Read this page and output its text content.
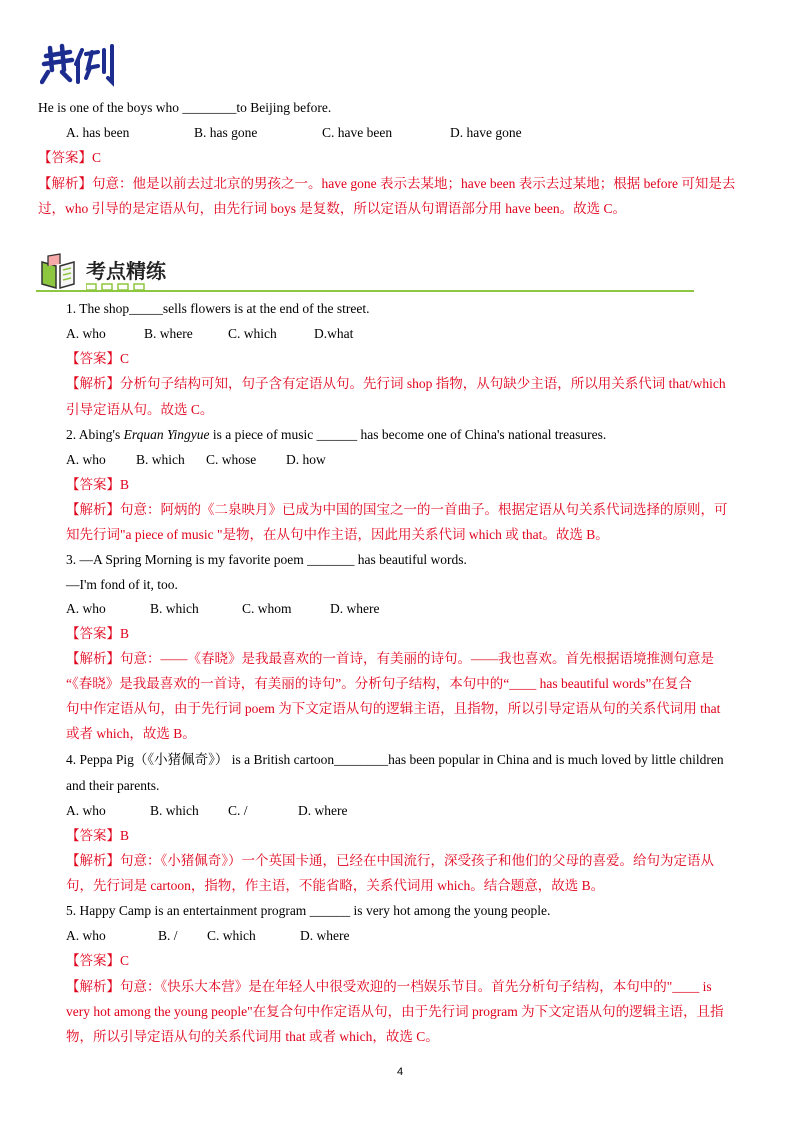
He is one of the boys who ________to Beijing before.
A. has been	B. has gone	C. have been	D. have gone
【答案】C
【解析】句意：他是以前去过北京的男孩之一。have gone 表示去某地；have been 表示去过某地；根据 before 可知是去
过，who 引导的是定语从句，由先行词 boys 是复数，所以定语从句谓语部分用 have been。故选 C。
考点精练
1. The shop_____sells flowers is at the end of the street.
A. who	B. where	C. which	D.what
【答案】C
【解析】分析句子结构可知，句子含有定语从句。先行词 shop 指物，从句缺少主语，所以用关系代词 that/which
引导定语从句。故选 C。
2. Abing's Erquan Yingyue is a piece of music ______ has become one of China's national treasures.
A. who B. which C. whose D. how
【答案】B
【解析】句意：阿炳的《二泉映月》已成为中国的国宝之一的一首曲子。根据定语从句关系代词选择的原则，可
知先行词"a piece of music "是物，在从句中作主语，因此用关系代词 which 或 that。故选 B。
3. —A Spring Morning is my favorite poem _______ has beautiful words.
—I'm fond of it, too.
A. who	B. which	C. whom	D. where
【答案】B
【解析】句意：——《春晓》是我最喜欢的一首诗，有美丽的诗句。——我也喜欢。首先根据语境推测句意是
“《春晓》是我最喜欢的一首诗，有美丽的诗句”。分析句子结构，本句中的“____ has beautiful words”在复合
句中作定语从句，由于先行词 poem 为下文定语从句的逻辑主语，且指物，所以引导定语从句的关系代词用 that
或者 which，故选 B。
4. Peppa Pig（《小猪佩奇》） is a British cartoon________has been popular in China and is much loved by little children
and their parents.
A. who	B. which C. /	D. where
【答案】B
【解析】句意：《小猪佩奇》）一个英国卡通，已经在中国流行，深受孩子和他们的父母的喜爱。给句为定语从
句，先行词是 cartoon，指物，作主语，不能省略，关系代词用 which。结合题意，故选 B。
5. Happy Camp is an entertainment program ______ is very hot among the young people.
A. who	B. / C. which	D. where
【答案】C
【解析】句意：《快乐大本营》是在年轻人中很受欢迎的一档娱乐节目。首先分析句子结构，本句中的"____ is
very hot among the young people"在复合句中作定语从句，由于先行词 program 为下文定语从句的逻辑主语，且指
物，所以引导定语从句的关系代词用 that 或者 which，故选 C。
4
